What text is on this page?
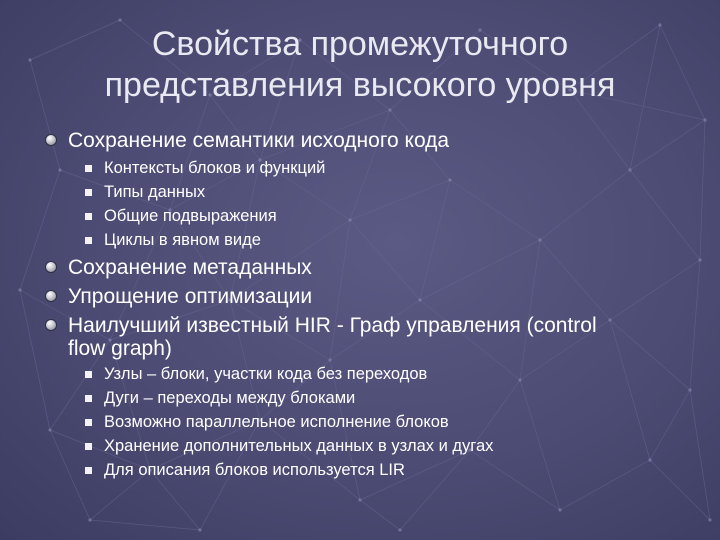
Свойства промежуточного
представления высокого уровня
Сохранение семантики исходного кода
Контексты блоков и функций
Типы данных
Общие подвыражения
Циклы в явном виде
Сохранение метаданных
Упрощение оптимизации
Наилучший известный HIR - Граф управления (control
flow graph)
Узлы – блоки, участки кода без переходов
Дуги – переходы между блоками
Возможно параллельное исполнение блоков
Хранение дополнительных данных в узлах и дугах
Для описания блоков используется LIR
